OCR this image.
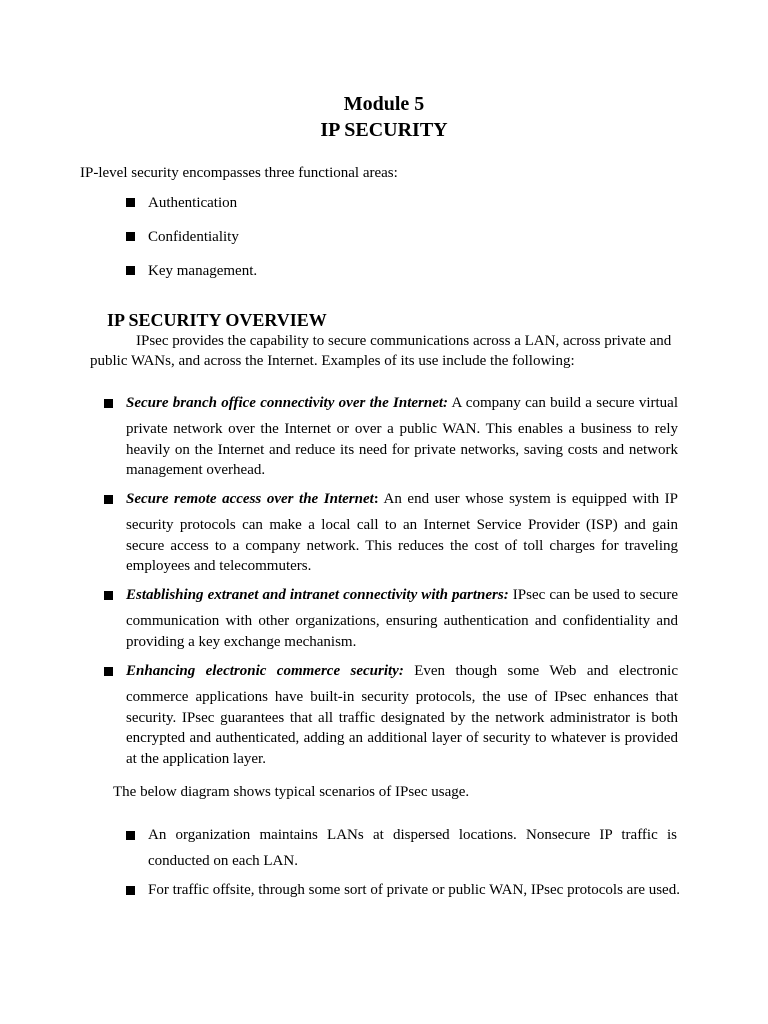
Module 5
IP SECURITY

IP-level security encompasses three functional areas:

Authentication
Confidentiality
Key management.
IP SECURITY OVERVIEW

IPsec provides the capability to secure communications across a LAN, across private and public WANs, and across the Internet. Examples of its use include the following:

Secure branch office connectivity over the Internet: A company can build a secure virtual
private network over the Internet or over a public WAN. This enables a business to rely heavily on the Internet and reduce its need for private networks, saving costs and network management overhead.
Secure remote access over the Internet: An end user whose system is equipped with IP
security protocols can make a local call to an Internet Service Provider (ISP) and gain secure access to a company network. This reduces the cost of toll charges for traveling employees and telecommuters.
Establishing extranet and intranet connectivity with partners: IPsec can be used to secure
communication with other organizations, ensuring authentication and confidentiality and providing a key exchange mechanism.
Enhancing electronic commerce security: Even though some Web and electronic
commerce applications have built-in security protocols, the use of IPsec enhances that security. IPsec guarantees that all traffic designated by the network administrator is both encrypted and authenticated, adding an additional layer of security to whatever is provided at the application layer.

The below diagram shows typical scenarios of IPsec usage.

An organization maintains LANs at dispersed locations. Nonsecure IP traffic is
conducted on each LAN.
For traffic offsite, through some sort of private or public WAN, IPsec protocols are used.
